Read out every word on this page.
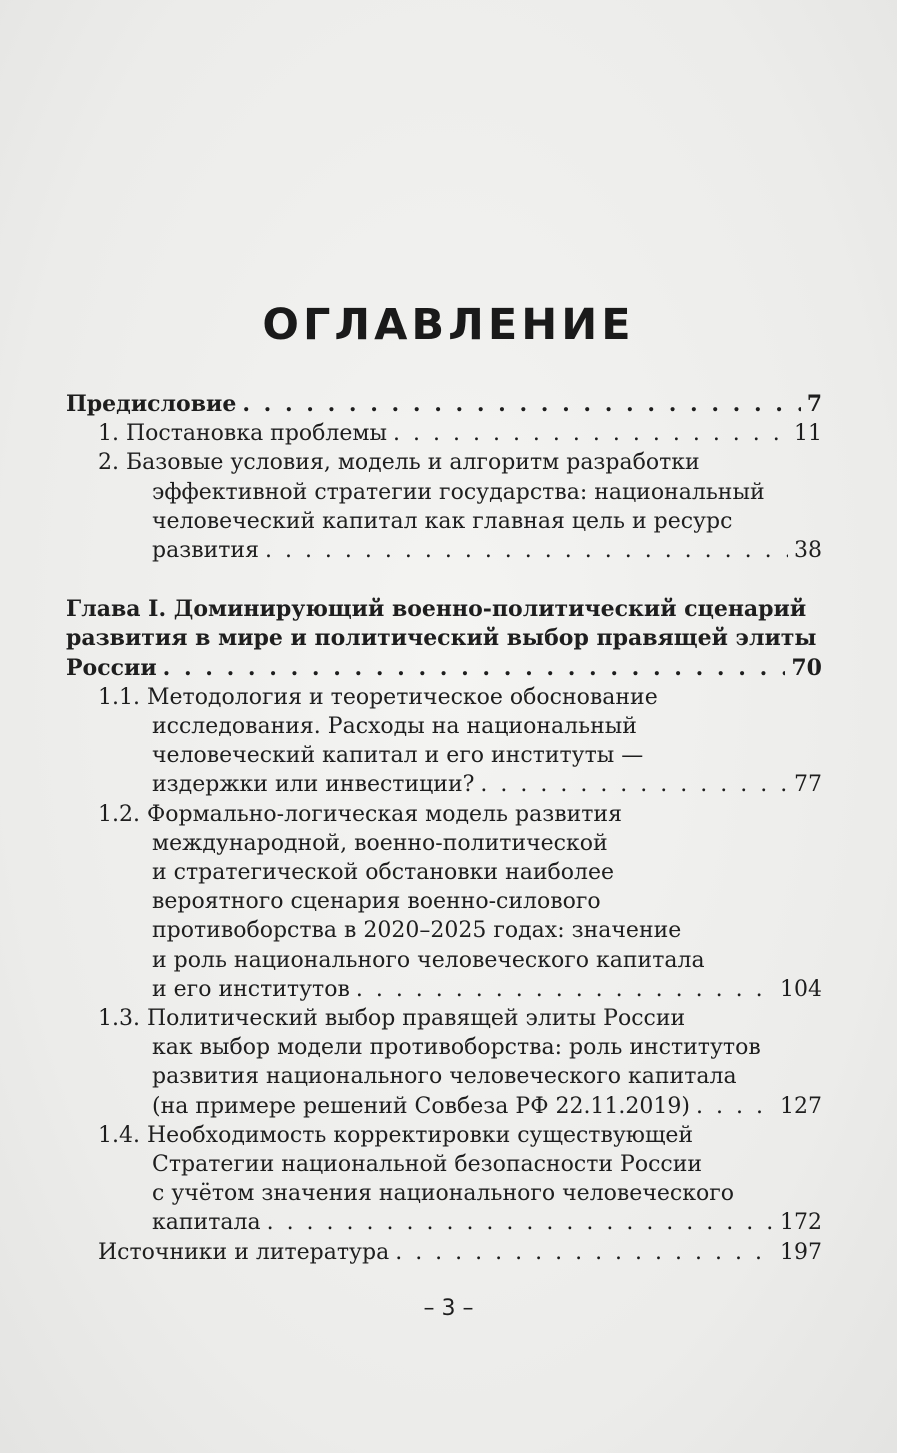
ОГЛАВЛЕНИЕ
Предисловие . . .	7
1. Постановка проблемы . . .	11
2. Базовые условия, модель и алгоритм разработки
эффективной стратегии государства: национальный
человеческий капитал как главная цель и ресурс
развития . . .	38
Глава I. Доминирующий военно-политический сценарий
развития в мире и политический выбор правящей элиты
России . . .	70
1.1. Методология и теоретическое обоснование
исследования. Расходы на национальный
человеческий капитал и его институты —
издержки или инвестиции? . . .	77
1.2. Формально-логическая модель развития
международной, военно-политической
и стратегической обстановки наиболее
вероятного сценария военно-силового
противоборства в 2020–2025 годах: значение
и роль национального человеческого капитала
и его институтов . . .	104
1.3. Политический выбор правящей элиты России
как выбор модели противоборства: роль институтов
развития национального человеческого капитала
(на примере решений Совбеза РФ 22.11.2019) . . .	127
1.4. Необходимость корректировки существующей
Стратегии национальной безопасности России
с учётом значения национального человеческого
капитала . . .	172
Источники и литература . . .	197
– 3 –
